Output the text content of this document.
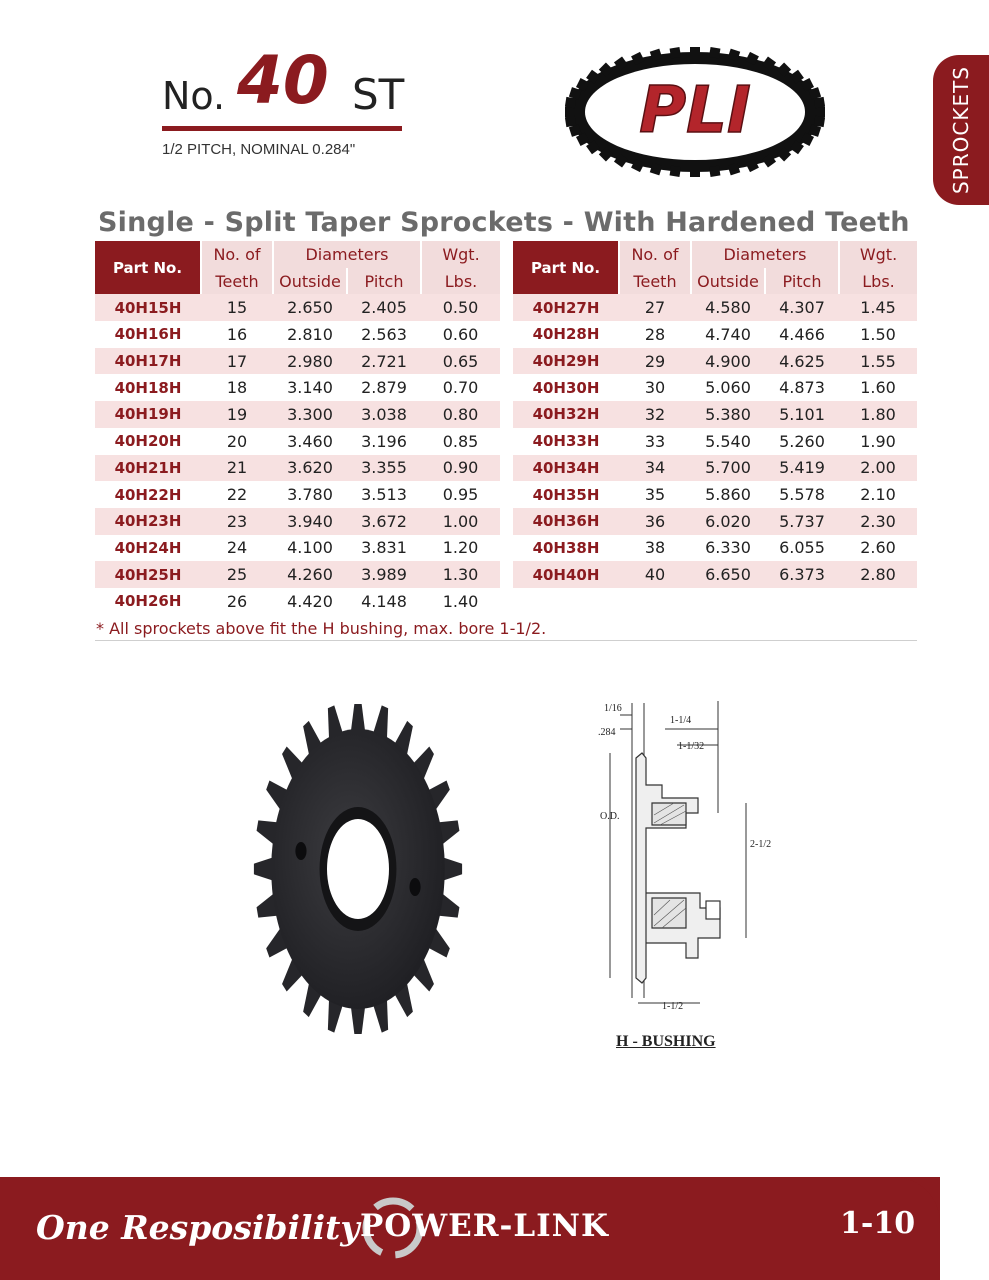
No. 40 ST
1/2 PITCH, NOMINAL 0.284"
PLI	SPROCKETS
Single - Split Taper Sprockets - With Hardened Teeth
Part No.	No. of	Diameters		Wgt.
	Teeth	Outside	Pitch	Lbs.
40H15H	15	2.650	2.405	0.50
40H16H	16	2.810	2.563	0.60
40H17H	17	2.980	2.721	0.65
40H18H	18	3.140	2.879	0.70
40H19H	19	3.300	3.038	0.80
40H20H	20	3.460	3.196	0.85
40H21H	21	3.620	3.355	0.90
40H22H	22	3.780	3.513	0.95
40H23H	23	3.940	3.672	1.00
40H24H	24	4.100	3.831	1.20
40H25H	25	4.260	3.989	1.30
40H26H	26	4.420	4.148	1.40
Part No.	No. of	Diameters		Wgt.
	Teeth	Outside	Pitch	Lbs.
40H27H	27	4.580	4.307	1.45
40H28H	28	4.740	4.466	1.50
40H29H	29	4.900	4.625	1.55
40H30H	30	5.060	4.873	1.60
40H32H	32	5.380	5.101	1.80
40H33H	33	5.540	5.260	1.90
40H34H	34	5.700	5.419	2.00
40H35H	35	5.860	5.578	2.10
40H36H	36	6.020	5.737	2.30
40H38H	38	6.330	6.055	2.60
40H40H	40	6.650	6.373	2.80
* All sprockets above fit the H bushing, max. bore 1-1/2.
1/16
.284
1-1/4
1-1/32
O.D.
2-1/2
1-1/2
H - BUSHING
One Resposibility POWER-LINK	1-10
